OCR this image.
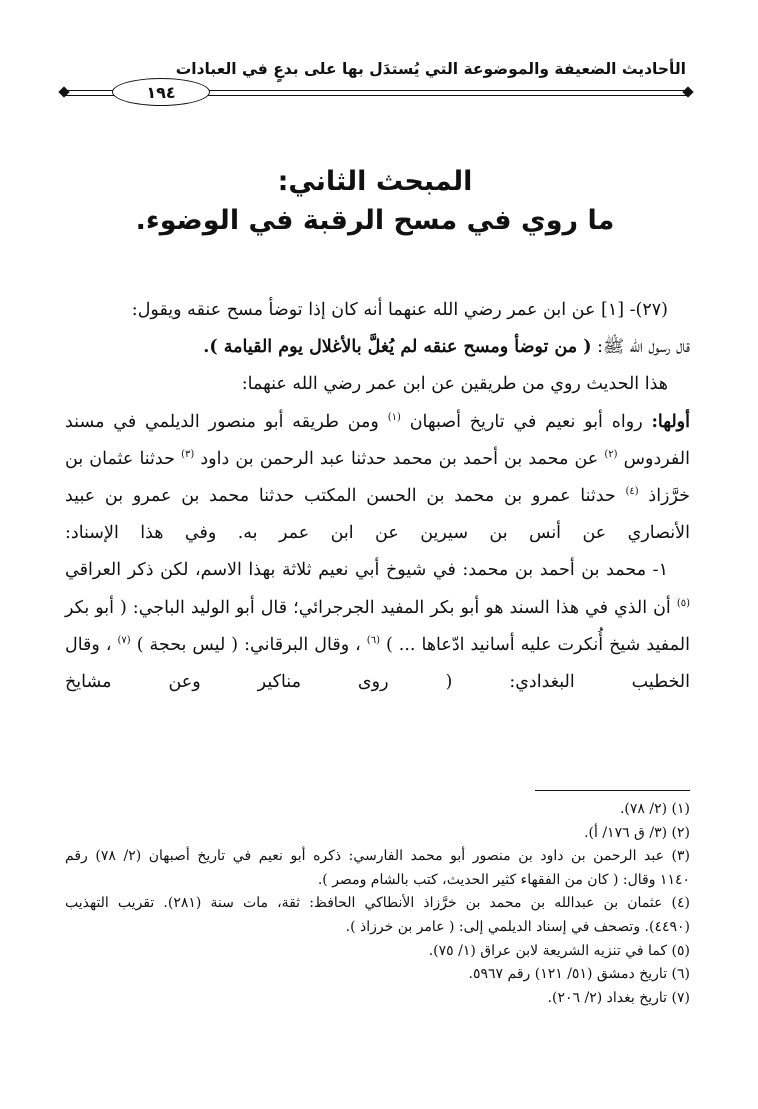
الأحاديث الضعيفة والموضوعة التي يُستدَل بها على بدعٍ في العبادات
١٩٤
المبحث الثاني:
ما روي في مسح الرقبة في الوضوء.

(٢٧)- [١] عن ابن عمر رضي الله عنهما أنه كان إذا توضأ مسح عنقه ويقول:

قال رسول الله ﷺ: ( من توضأ ومسح عنقه لم يُغلَّ بالأغلال يوم القيامة ).

هذا الحديث روي من طريقين عن ابن عمر رضي الله عنهما:

أولها: رواه أبو نعيم في تاريخ أصبهان $^{(١)}$ ومن طريقه أبو منصور الديلمي في مسند الفردوس $^{(٢)}$ عن محمد بن أحمد بن محمد حدثنا عبد الرحمن بن داود $^{(٣)}$ حدثنا عثمان بن خرَّزاذ $^{(٤)}$ حدثنا عمرو بن محمد بن الحسن المكتب حدثنا محمد بن عمرو بن عبيد الأنصاري عن أنس بن سيرين عن ابن عمر به. وفي هذا الإسناد:

١- محمد بن أحمد بن محمد: في شيوخ أبي نعيم ثلاثة بهذا الاسم، لكن ذكر العراقي $^{(٥)}$ أن الذي في هذا السند هو أبو بكر المفيد الجرجرائي؛ قال أبو الوليد الباجي: ( أبو بكر المفيد شيخ أُنكرت عليه أسانيد ادّعاها ... ) $^{(٦)}$ ، وقال البرقاني: ( ليس بحجة ) $^{(٧)}$ ، وقال الخطيب البغدادي: ( روى مناكير وعن مشايخ

(١) (٢/ ٧٨).

(٢) (٣/ ق ١٧٦/ أ).

(٣) عبد الرحمن بن داود بن منصور أبو محمد الفارسي: ذكره أبو نعيم في تاريخ أصبهان (٢/ ٧٨) رقم

١١٤٠ وقال: ( كان من الفقهاء كثير الحديث، كتب بالشام ومصر ).

(٤) عثمان بن عبدالله بن محمد بن خرَّزاذ الأنطاكي الحافظ: ثقة، مات سنة (٢٨١). تقريب التهذيب

(٤٤٩٠). وتصحف في إسناد الديلمي إلى: ( عامر بن خرزاذ ).

(٥) كما في تنزيه الشريعة لابن عراق (١/ ٧٥).

(٦) تاريخ دمشق (٥١/ ١٢١) رقم ٥٩٦٧.

(٧) تاريخ بغداد (٢/ ٢٠٦).
